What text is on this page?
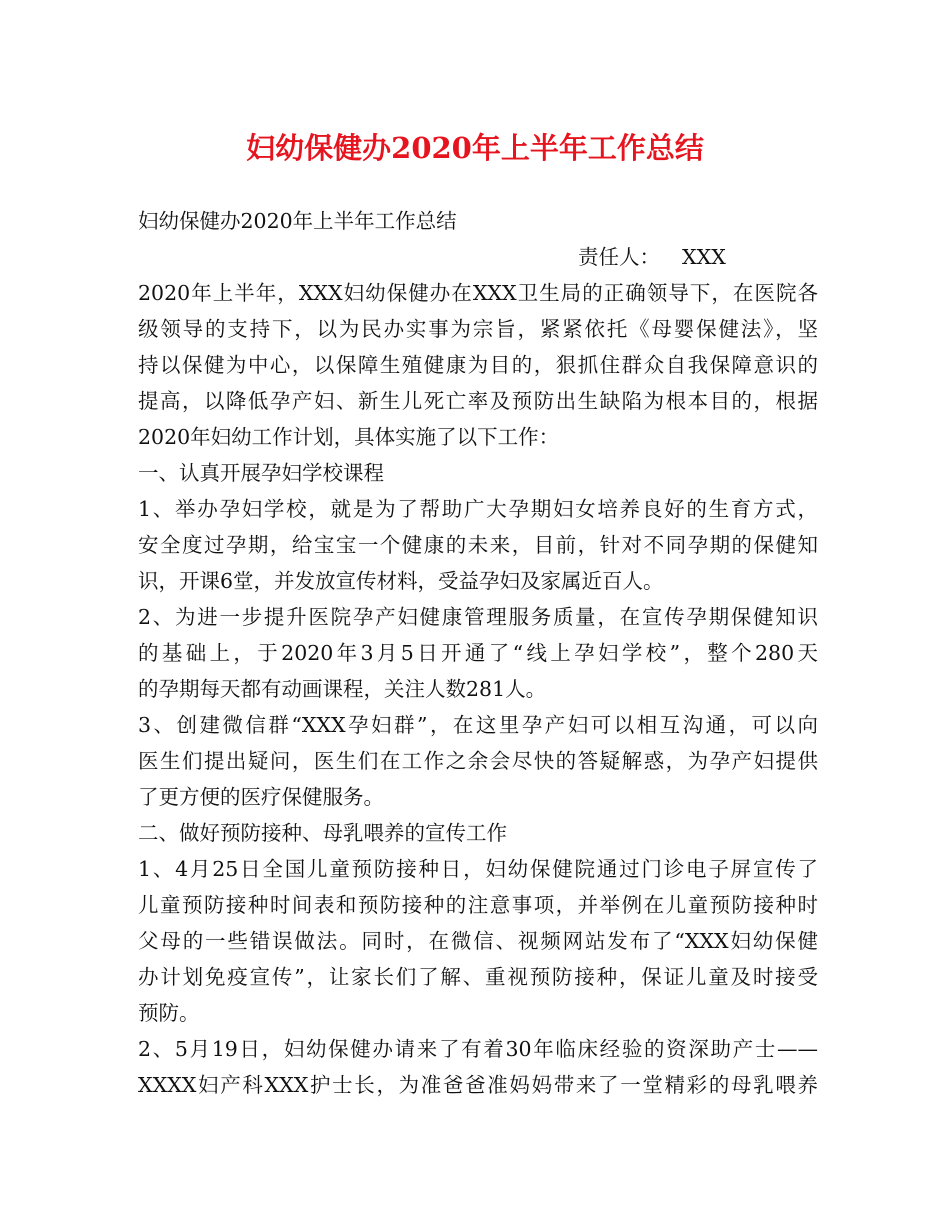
妇幼保健办2020年上半年工作总结

妇幼保健办2020年上半年工作总结

责任人： XXX

2020年上半年，XXX妇幼保健办在XXX卫生局的正确领导下，在医院各

级领导的支持下，以为民办实事为宗旨，紧紧依托《母婴保健法》，坚

持以保健为中心，以保障生殖健康为目的，狠抓住群众自我保障意识的

提高，以降低孕产妇、新生儿死亡率及预防出生缺陷为根本目的，根据

2020年妇幼工作计划，具体实施了以下工作：

一、认真开展孕妇学校课程

1、举办孕妇学校，就是为了帮助广大孕期妇女培养良好的生育方式，

安全度过孕期，给宝宝一个健康的未来，目前，针对不同孕期的保健知

识，开课6堂，并发放宣传材料，受益孕妇及家属近百人。

2、为进一步提升医院孕产妇健康管理服务质量，在宣传孕期保健知识

的基础上，于2020年3月5日开通了“线上孕妇学校”，整个280天

的孕期每天都有动画课程，关注人数281人。

3、创建微信群“XXX孕妇群”，在这里孕产妇可以相互沟通，可以向

医生们提出疑问，医生们在工作之余会尽快的答疑解惑，为孕产妇提供

了更方便的医疗保健服务。

二、做好预防接种、母乳喂养的宣传工作

1、4月25日全国儿童预防接种日，妇幼保健院通过门诊电子屏宣传了

儿童预防接种时间表和预防接种的注意事项，并举例在儿童预防接种时

父母的一些错误做法。同时，在微信、视频网站发布了“XXX妇幼保健

办计划免疫宣传”，让家长们了解、重视预防接种，保证儿童及时接受

预防。

2、5月19日，妇幼保健办请来了有着30年临床经验的资深助产士——

XXXX妇产科XXX护士长，为准爸爸准妈妈带来了一堂精彩的母乳喂养
